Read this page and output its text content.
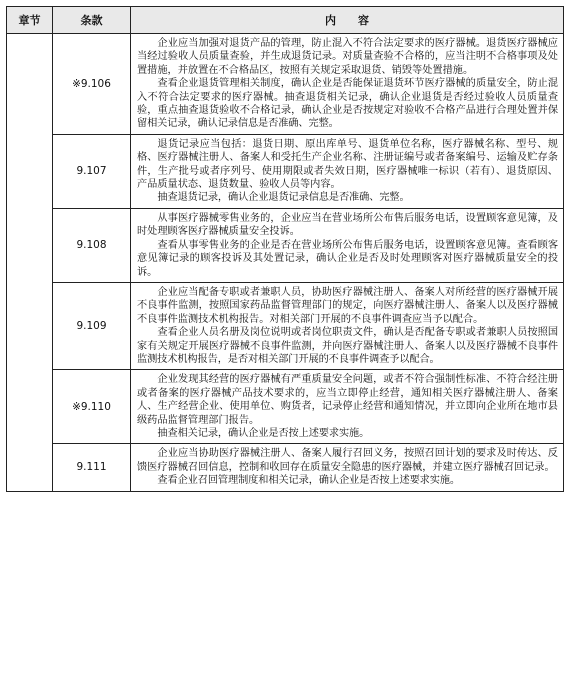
章节	条款	内　　容
	※9.106	企业应当加强对退货产品的管理，防止混入不符合法定要求的医疗器械。退货医疗器械应当经过验收人员质量查验，并生成退货记录。对质量查验不合格的，应当注明不合格事项及处置措施，并放置在不合格品区，按照有关规定采取退货、销毁等处置措施。

查看企业退货管理相关制度，确认企业是否能保证退货环节医疗器械的质量安全，防止混入不符合法定要求的医疗器械。抽查退货相关记录，确认企业退货是否经过验收人员质量查验，重点抽查退货验收不合格记录，确认企业是否按规定对验收不合格产品进行合理处置并保留相关记录，确认记录信息是否准确、完整。

	9.107	退货记录应当包括：退货日期、原出库单号、退货单位名称，医疗器械名称、型号、规格、医疗器械注册人、备案人和受托生产企业名称、注册证编号或者备案编号、运输及贮存条件，生产批号或者序列号、使用期限或者失效日期，医疗器械唯一标识（若有）、退货原因、产品质量状态、退货数量、验收人员等内容。

抽查退货记录，确认企业退货记录信息是否准确、完整。

	9.108	从事医疗器械零售业务的，企业应当在营业场所公布售后服务电话，设置顾客意见簿，及时处理顾客医疗器械质量安全投诉。

查看从事零售业务的企业是否在营业场所公布售后服务电话，设置顾客意见簿。查看顾客意见簿记录的顾客投诉及其处置记录，确认企业是否及时处理顾客对医疗器械质量安全的投诉。

	9.109	企业应当配备专职或者兼职人员，协助医疗器械注册人、备案人对所经营的医疗器械开展不良事件监测，按照国家药品监督管理部门的规定，向医疗器械注册人、备案人以及医疗器械不良事件监测技术机构报告。对相关部门开展的不良事件调查应当予以配合。

查看企业人员名册及岗位说明或者岗位职责文件，确认是否配备专职或者兼职人员按照国家有关规定开展医疗器械不良事件监测，并向医疗器械注册人、备案人以及医疗器械不良事件监测技术机构报告，是否对相关部门开展的不良事件调查予以配合。

	※9.110	企业发现其经营的医疗器械有严重质量安全问题，或者不符合强制性标准、不符合经注册或者备案的医疗器械产品技术要求的，应当立即停止经营，通知相关医疗器械注册人、备案人、生产经营企业、使用单位、购货者，记录停止经营和通知情况，并立即向企业所在地市县级药品监督管理部门报告。

抽查相关记录，确认企业是否按上述要求实施。

	9.111	企业应当协助医疗器械注册人、备案人履行召回义务，按照召回计划的要求及时传达、反馈医疗器械召回信息，控制和收回存在质量安全隐患的医疗器械，并建立医疗器械召回记录。

查看企业召回管理制度和相关记录，确认企业是否按上述要求实施。
